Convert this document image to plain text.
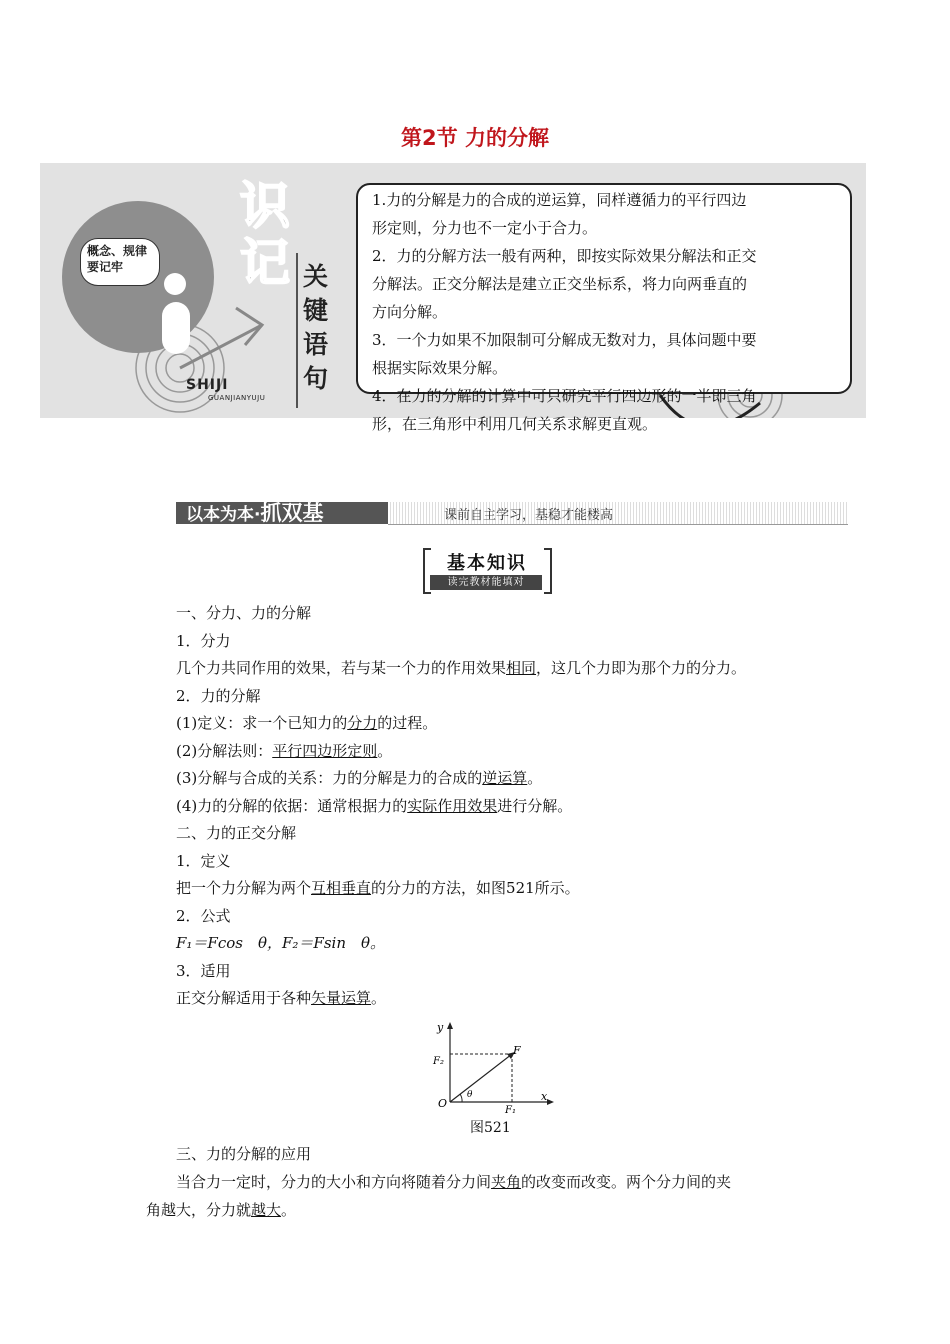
第2节 力的分解
概念、规律要记牢
识
记 关
键
语
句
SHIJI
GUANJIANYUJU
1.力的分解是力的合成的逆运算，同样遵循力的平行四边
形定则，分力也不一定小于合力。
2．力的分解方法一般有两种，即按实际效果分解法和正交
分解法。正交分解法是建立正交坐标系，将力向两垂直的
方向分解。
3．一个力如果不加限制可分解成无数对力，具体问题中要
根据实际效果分解。
4．在力的分解的计算中可只研究平行四边形的一半即三角
形，在三角形中利用几何关系求解更直观。
以本为本·抓双基	课前自主学习，基稳才能楼高
基本知识
读完教材能填对
一、分力、力的分解
1．分力
几个力共同作用的效果，若与某一个力的作用效果相同，这几个力即为那个力的分力。
2．力的分解
(1)定义：求一个已知力的分力的过程。
(2)分解法则：平行四边形定则。
(3)分解与合成的关系：力的分解是力的合成的逆运算。
(4)力的分解的依据：通常根据力的实际作用效果进行分解。
二、力的正交分解
1．定义
把一个力分解为两个互相垂直的分力的方法，如图521所示。
2．公式
F₁＝Fcos　θ，F₂＝Fsin　θ。
3．适用
正交分解适用于各种矢量运算。
y
x
O
F
F₁
F₂
θ
图521
三、力的分解的应用
当合力一定时，分力的大小和方向将随着分力间夹角的改变而改变。两个分力间的夹
角越大，分力就越大。
